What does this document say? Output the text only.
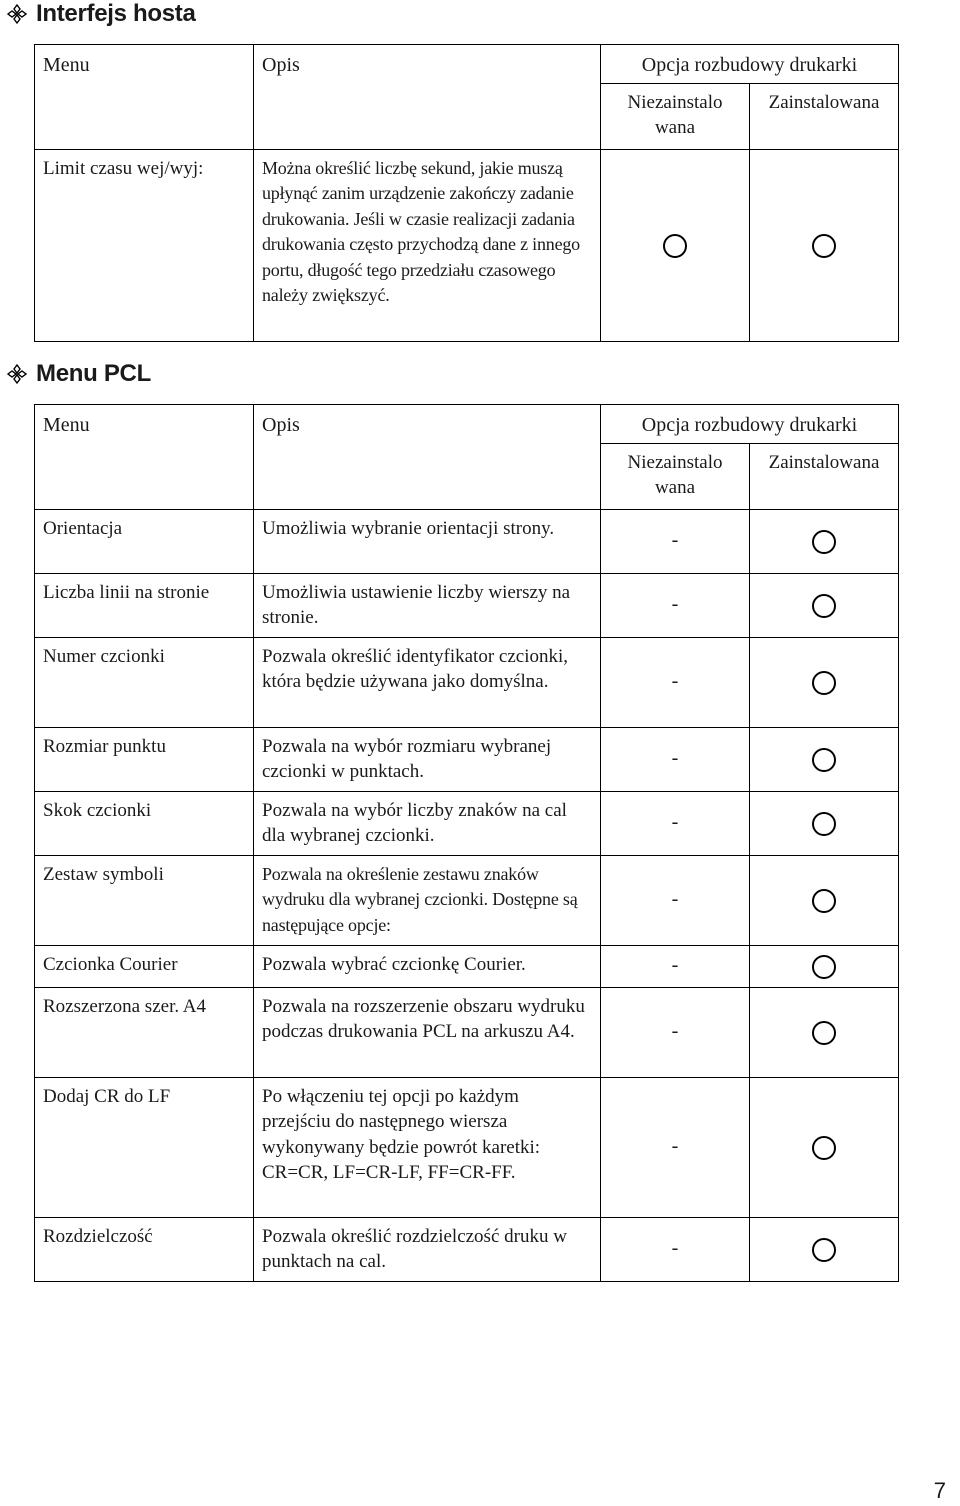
Interfejs hosta
Menu	Opis	Opcja rozbudowy drukarki	
		Niezainstalo wana	Zainstalowana
Limit czasu wej/wyj:	Można określić liczbę sekund, jakie muszą upłynąć zanim urządzenie zakończy zadanie drukowania. Jeśli w czasie realizacji zadania drukowania często przychodzą dane z innego portu, długość tego przedziału czasowego należy zwiększyć.		
Menu PCL
Menu	Opis	Opcja rozbudowy drukarki	
		Niezainstalo wana	Zainstalowana
Orientacja	Umożliwia wybranie orientacji strony.	-	
Liczba linii na stronie	Umożliwia ustawienie liczby wierszy na stronie.	-	
Numer czcionki	Pozwala określić identyfikator czcionki, która będzie używana jako domyślna.	-	
Rozmiar punktu	Pozwala na wybór rozmiaru wybranej czcionki w punktach.	-	
Skok czcionki	Pozwala na wybór liczby znaków na cal dla wybranej czcionki.	-	
Zestaw symboli	Pozwala na określenie zestawu znaków wydruku dla wybranej czcionki. Dostępne są następujące opcje:	-	
Czcionka Courier	Pozwala wybrać czcionkę Courier.	-	
Rozszerzona szer. A4	Pozwala na rozszerzenie obszaru wydruku podczas drukowania PCL na arkuszu A4.	-	
Dodaj CR do LF	Po włączeniu tej opcji po każdym przejściu do następnego wiersza wykonywany będzie powrót karetki: CR=CR, LF=CR-LF, FF=CR-FF.	-	
Rozdzielczość	Pozwala określić rozdzielczość druku w punktach na cal.	-	
7
